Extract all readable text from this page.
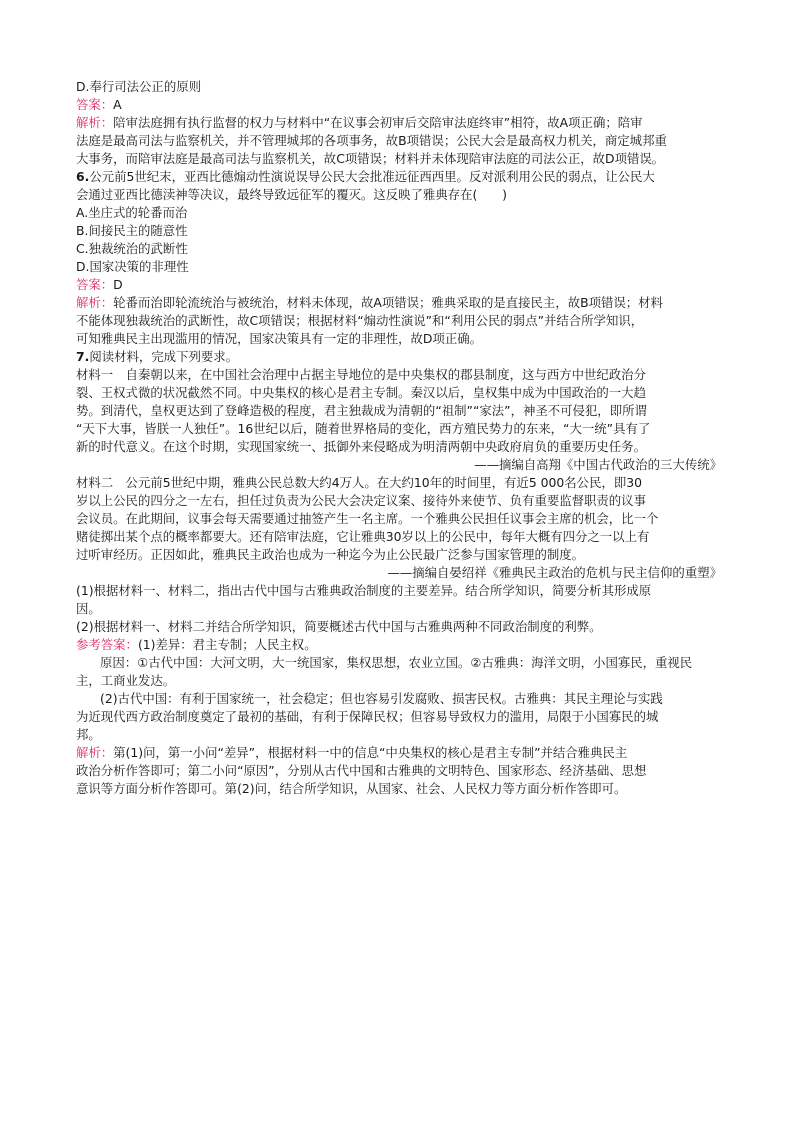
D.奉行司法公正的原则
答案：A
解析：陪审法庭拥有执行监督的权力与材料中“在议事会初审后交陪审法庭终审”相符，故A项正确；陪审
法庭是最高司法与监察机关，并不管理城邦的各项事务，故B项错误；公民大会是最高权力机关，商定城邦重
大事务，而陪审法庭是最高司法与监察机关，故C项错误；材料并未体现陪审法庭的司法公正，故D项错误。
6.公元前5世纪末，亚西比德煽动性演说误导公民大会批准远征西西里。反对派利用公民的弱点，让公民大
会通过亚西比德渎神等决议，最终导致远征军的覆灭。这反映了雅典存在(　　)
A.坐庄式的轮番而治
B.间接民主的随意性
C.独裁统治的武断性
D.国家决策的非理性
答案：D
解析：轮番而治即轮流统治与被统治，材料未体现，故A项错误；雅典采取的是直接民主，故B项错误；材料
不能体现独裁统治的武断性，故C项错误；根据材料“煽动性演说”和“利用公民的弱点”并结合所学知识，
可知雅典民主出现滥用的情况，国家决策具有一定的非理性，故D项正确。
7.阅读材料，完成下列要求。
材料一　自秦朝以来，在中国社会治理中占据主导地位的是中央集权的郡县制度，这与西方中世纪政治分
裂、王权式微的状况截然不同。中央集权的核心是君主专制。秦汉以后，皇权集中成为中国政治的一大趋
势。到清代，皇权更达到了登峰造极的程度，君主独裁成为清朝的“祖制”“家法”，神圣不可侵犯，即所谓
“天下大事，皆朕一人独任”。16世纪以后，随着世界格局的变化，西方殖民势力的东来，“大一统”具有了
新的时代意义。在这个时期，实现国家统一、抵御外来侵略成为明清两朝中央政府肩负的重要历史任务。
——摘编自高翔《中国古代政治的三大传统》
材料二　公元前5世纪中期，雅典公民总数大约4万人。在大约10年的时间里，有近5 000名公民，即30
岁以上公民的四分之一左右，担任过负责为公民大会决定议案、接待外来使节、负有重要监督职责的议事
会议员。在此期间，议事会每天需要通过抽签产生一名主席。一个雅典公民担任议事会主席的机会，比一个
赌徒掷出某个点的概率都要大。还有陪审法庭，它让雅典30岁以上的公民中，每年大概有四分之一以上有
过听审经历。正因如此，雅典民主政治也成为一种迄今为止公民最广泛参与国家管理的制度。
——摘编自晏绍祥《雅典民主政治的危机与民主信仰的重塑》
(1)根据材料一、材料二，指出古代中国与古雅典政治制度的主要差异。结合所学知识，简要分析其形成原
因。
(2)根据材料一、材料二并结合所学知识，简要概述古代中国与古雅典两种不同政治制度的利弊。
参考答案：(1)差异：君主专制；人民主权。
原因：①古代中国：大河文明，大一统国家，集权思想，农业立国。②古雅典：海洋文明，小国寡民，重视民
主，工商业发达。
(2)古代中国：有利于国家统一，社会稳定；但也容易引发腐败、损害民权。古雅典：其民主理论与实践
为近现代西方政治制度奠定了最初的基础，有利于保障民权；但容易导致权力的滥用，局限于小国寡民的城
邦。
解析：第(1)问，第一小问“差异”，根据材料一中的信息“中央集权的核心是君主专制”并结合雅典民主
政治分析作答即可；第二小问“原因”，分别从古代中国和古雅典的文明特色、国家形态、经济基础、思想
意识等方面分析作答即可。第(2)问，结合所学知识，从国家、社会、人民权力等方面分析作答即可。
